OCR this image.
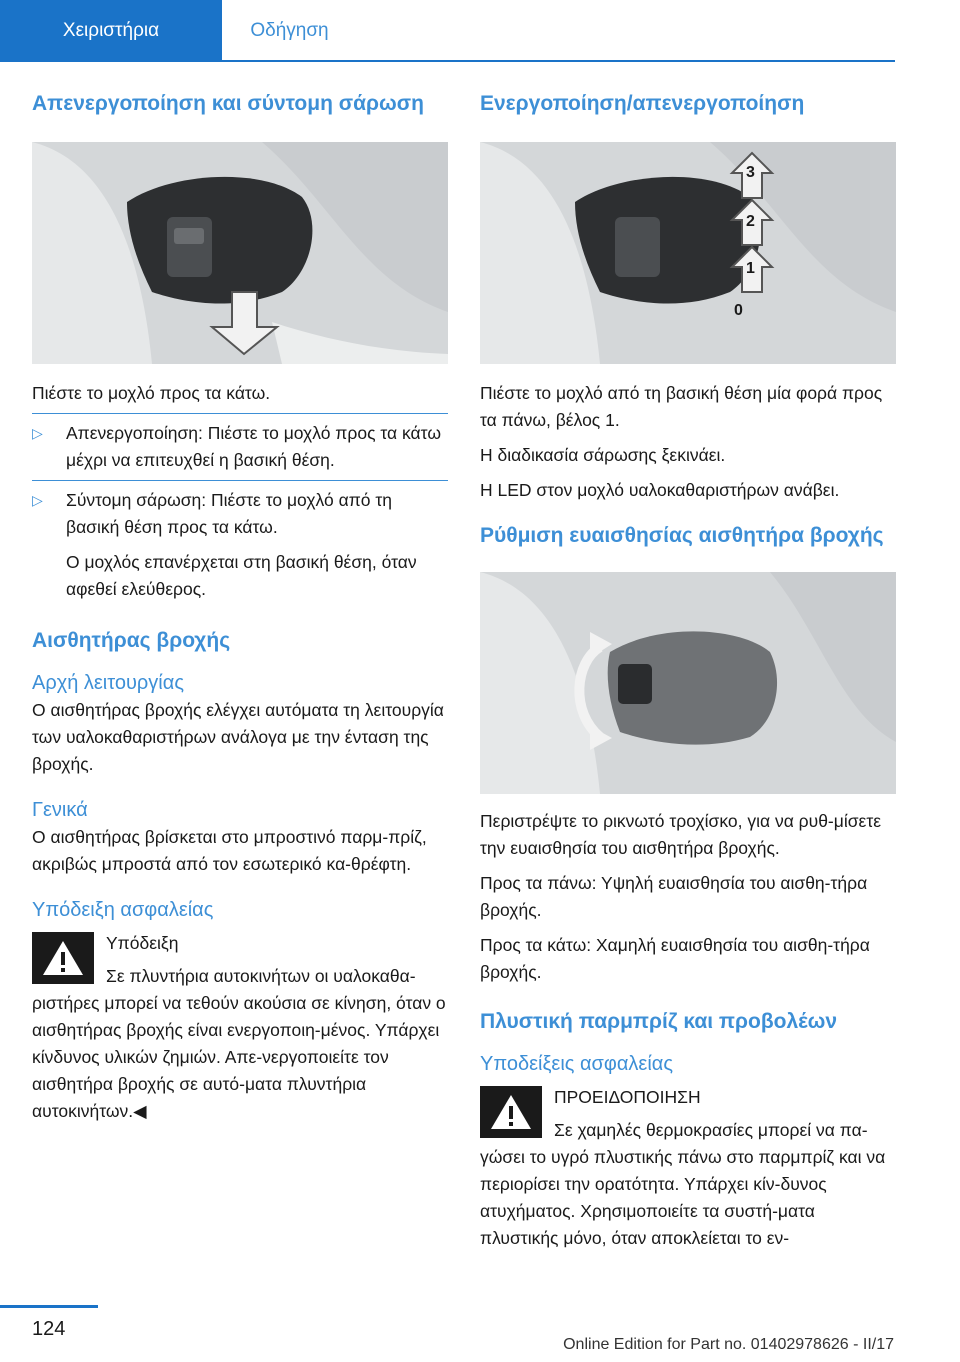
Χειριστήρια	Οδήγηση
Απενεργοποίηση και σύντομη σάρωση

Πιέστε το μοχλό προς τα κάτω.

▷	Απενεργοποίηση: Πιέστε το μοχλό προς τα κάτω μέχρι να επιτευχθεί η βασική θέση.

▷	Σύντομη σάρωση: Πιέστε το μοχλό από τη βασική θέση προς τα κάτω.

Ο μοχλός επανέρχεται στη βασική θέση, όταν αφεθεί ελεύθερος.

Αισθητήρας βροχής
Αρχή λειτουργίας

Ο αισθητήρας βροχής ελέγχει αυτόματα τη λειτουργία των υαλοκαθαριστήρων ανάλογα με την ένταση της βροχής.

Γενικά

Ο αισθητήρας βρίσκεται στο μπροστινό παρμ-πρίζ, ακριβώς μπροστά από τον εσωτερικό κα-θρέφτη.

Υπόδειξη ασφαλείας

Υπόδειξη

Σε πλυντήρια αυτοκινήτων οι υαλοκαθα-ριστήρες μπορεί να τεθούν ακούσια σε κίνηση, όταν ο αισθητήρας βροχής είναι ενεργοποιη-μένος. Υπάρχει κίνδυνος υλικών ζημιών. Απε-νεργοποιείτε τον αισθητήρα βροχής σε αυτό-ματα πλυντήρια αυτοκινήτων.◀

Ενεργοποίηση/απενεργοποίηση
3
2
1
0

Πιέστε το μοχλό από τη βασική θέση μία φορά προς τα πάνω, βέλος 1.

Η διαδικασία σάρωσης ξεκινάει.

Η LED στον μοχλό υαλοκαθαριστήρων ανάβει.

Ρύθμιση ευαισθησίας αισθητήρα βροχής

Περιστρέψτε το ρικνωτό τροχίσκο, για να ρυθ-μίσετε την ευαισθησία του αισθητήρα βροχής.

Προς τα πάνω: Υψηλή ευαισθησία του αισθη-τήρα βροχής.

Προς τα κάτω: Χαμηλή ευαισθησία του αισθη-τήρα βροχής.

Πλυστική παρμπρίζ και προβολέων
Υποδείξεις ασφαλείας

ΠΡΟΕΙΔΟΠΟΙΗΣΗ

Σε χαμηλές θερμοκρασίες μπορεί να πα-γώσει το υγρό πλυστικής πάνω στο παρμπρίζ και να περιορίσει την ορατότητα. Υπάρχει κίν-δυνος ατυχήματος. Χρησιμοποιείτε τα συστή-ματα πλυστικής μόνο, όταν αποκλείεται το εν-

124
Online Edition for Part no. 01402978626 - II/17
